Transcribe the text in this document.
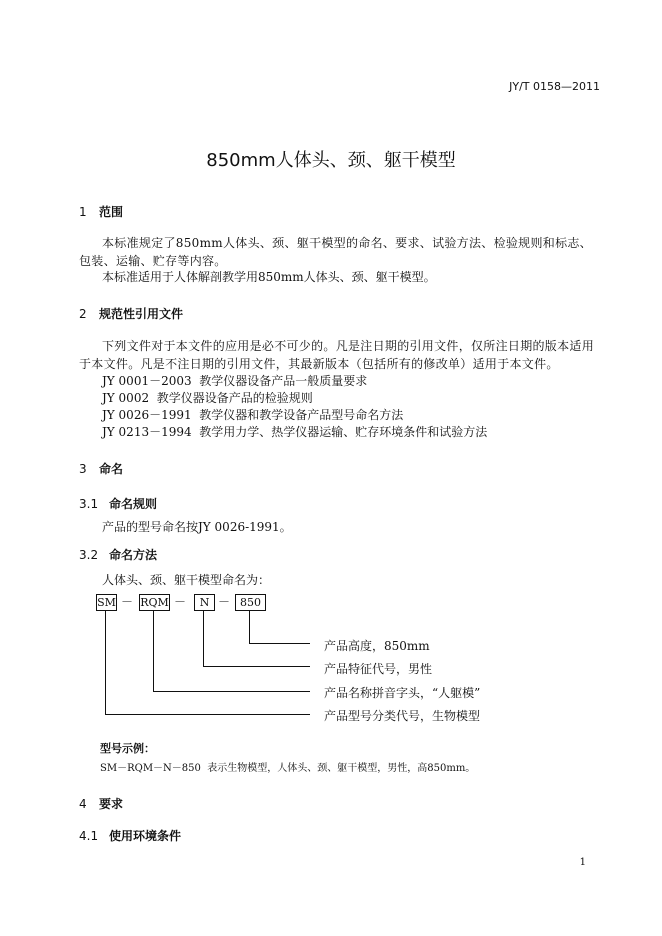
JY/T 0158—2011
850mm人体头、颈、躯干模型
1 范围
本标准规定了850mm人体头、颈、躯干模型的命名、要求、试验方法、检验规则和标志、包装、运输、贮存等内容。
本标准适用于人体解剖教学用850mm人体头、颈、躯干模型。
2 规范性引用文件
下列文件对于本文件的应用是必不可少的。凡是注日期的引用文件，仅所注日期的版本适用于本文件。凡是不注日期的引用文件，其最新版本（包括所有的修改单）适用于本文件。
JY 0001－2003  教学仪器设备产品一般质量要求
JY 0002  教学仪器设备产品的检验规则
JY 0026－1991  教学仪器和教学设备产品型号命名方法
JY 0213－1994  教学用力学、热学仪器运输、贮存环境条件和试验方法
3 命名
3.1 命名规则
产品的型号命名按JY 0026-1991。
3.2 命名方法
人体头、颈、躯干模型命名为：
SM － RQM －	N － 850
产品高度，850mm
产品特征代号，男性
产品名称拼音字头，“人躯模”
产品型号分类代号，生物模型
型号示例：
SM－RQM－N－850  表示生物模型，人体头、颈、躯干模型，男性，高850mm。
4 要求
4.1 使用环境条件
1
